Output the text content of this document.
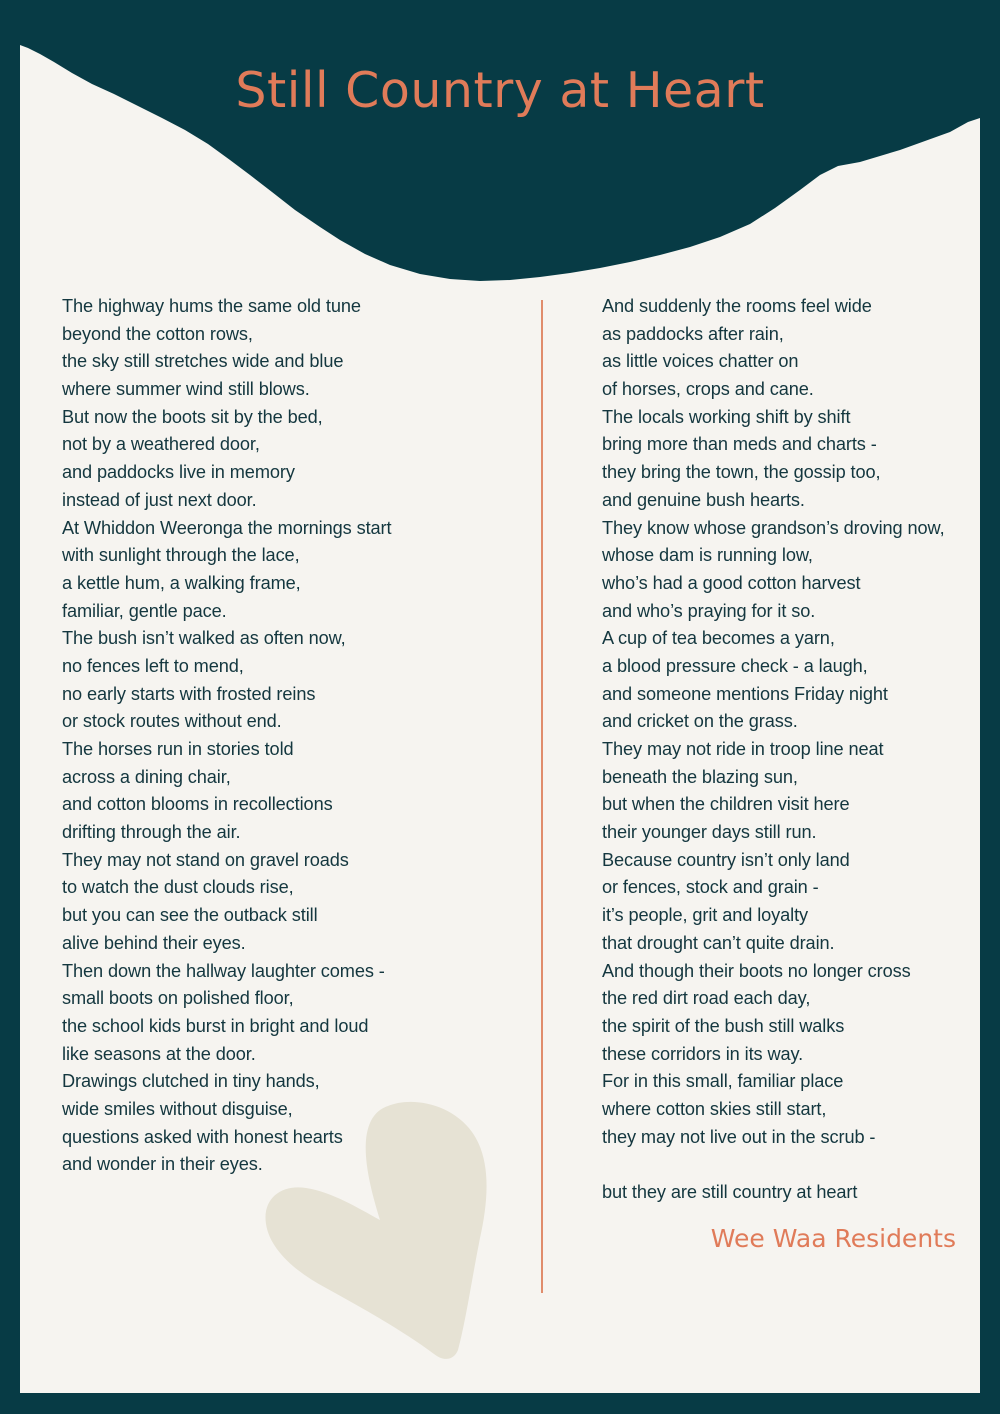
Still Country at Heart
The highway hums the same old tune
beyond the cotton rows,
the sky still stretches wide and blue
where summer wind still blows.
But now the boots sit by the bed,
not by a weathered door,
and paddocks live in memory
instead of just next door.
At Whiddon Weeronga the mornings start
with sunlight through the lace,
a kettle hum, a walking frame,
familiar, gentle pace.
The bush isn’t walked as often now,
no fences left to mend,
no early starts with frosted reins
or stock routes without end.
The horses run in stories told
across a dining chair,
and cotton blooms in recollections
drifting through the air.
They may not stand on gravel roads
to watch the dust clouds rise,
but you can see the outback still
alive behind their eyes.
Then down the hallway laughter comes -
small boots on polished floor,
the school kids burst in bright and loud
like seasons at the door.
Drawings clutched in tiny hands,
wide smiles without disguise,
questions asked with honest hearts
and wonder in their eyes.
And suddenly the rooms feel wide
as paddocks after rain,
as little voices chatter on
of horses, crops and cane.
The locals working shift by shift
bring more than meds and charts -
they bring the town, the gossip too,
and genuine bush hearts.
They know whose grandson’s droving now,
whose dam is running low,
who’s had a good cotton harvest
and who’s praying for it so.
A cup of tea becomes a yarn,
a blood pressure check - a laugh,
and someone mentions Friday night
and cricket on the grass.
They may not ride in troop line neat
beneath the blazing sun,
but when the children visit here
their younger days still run.
Because country isn’t only land
or fences, stock and grain -
it’s people, grit and loyalty
that drought can’t quite drain.
And though their boots no longer cross
the red dirt road each day,
the spirit of the bush still walks
these corridors in its way.
For in this small, familiar place
where cotton skies still start,
they may not live out in the scrub -
but they are still country at heart
Wee Waa Residents
